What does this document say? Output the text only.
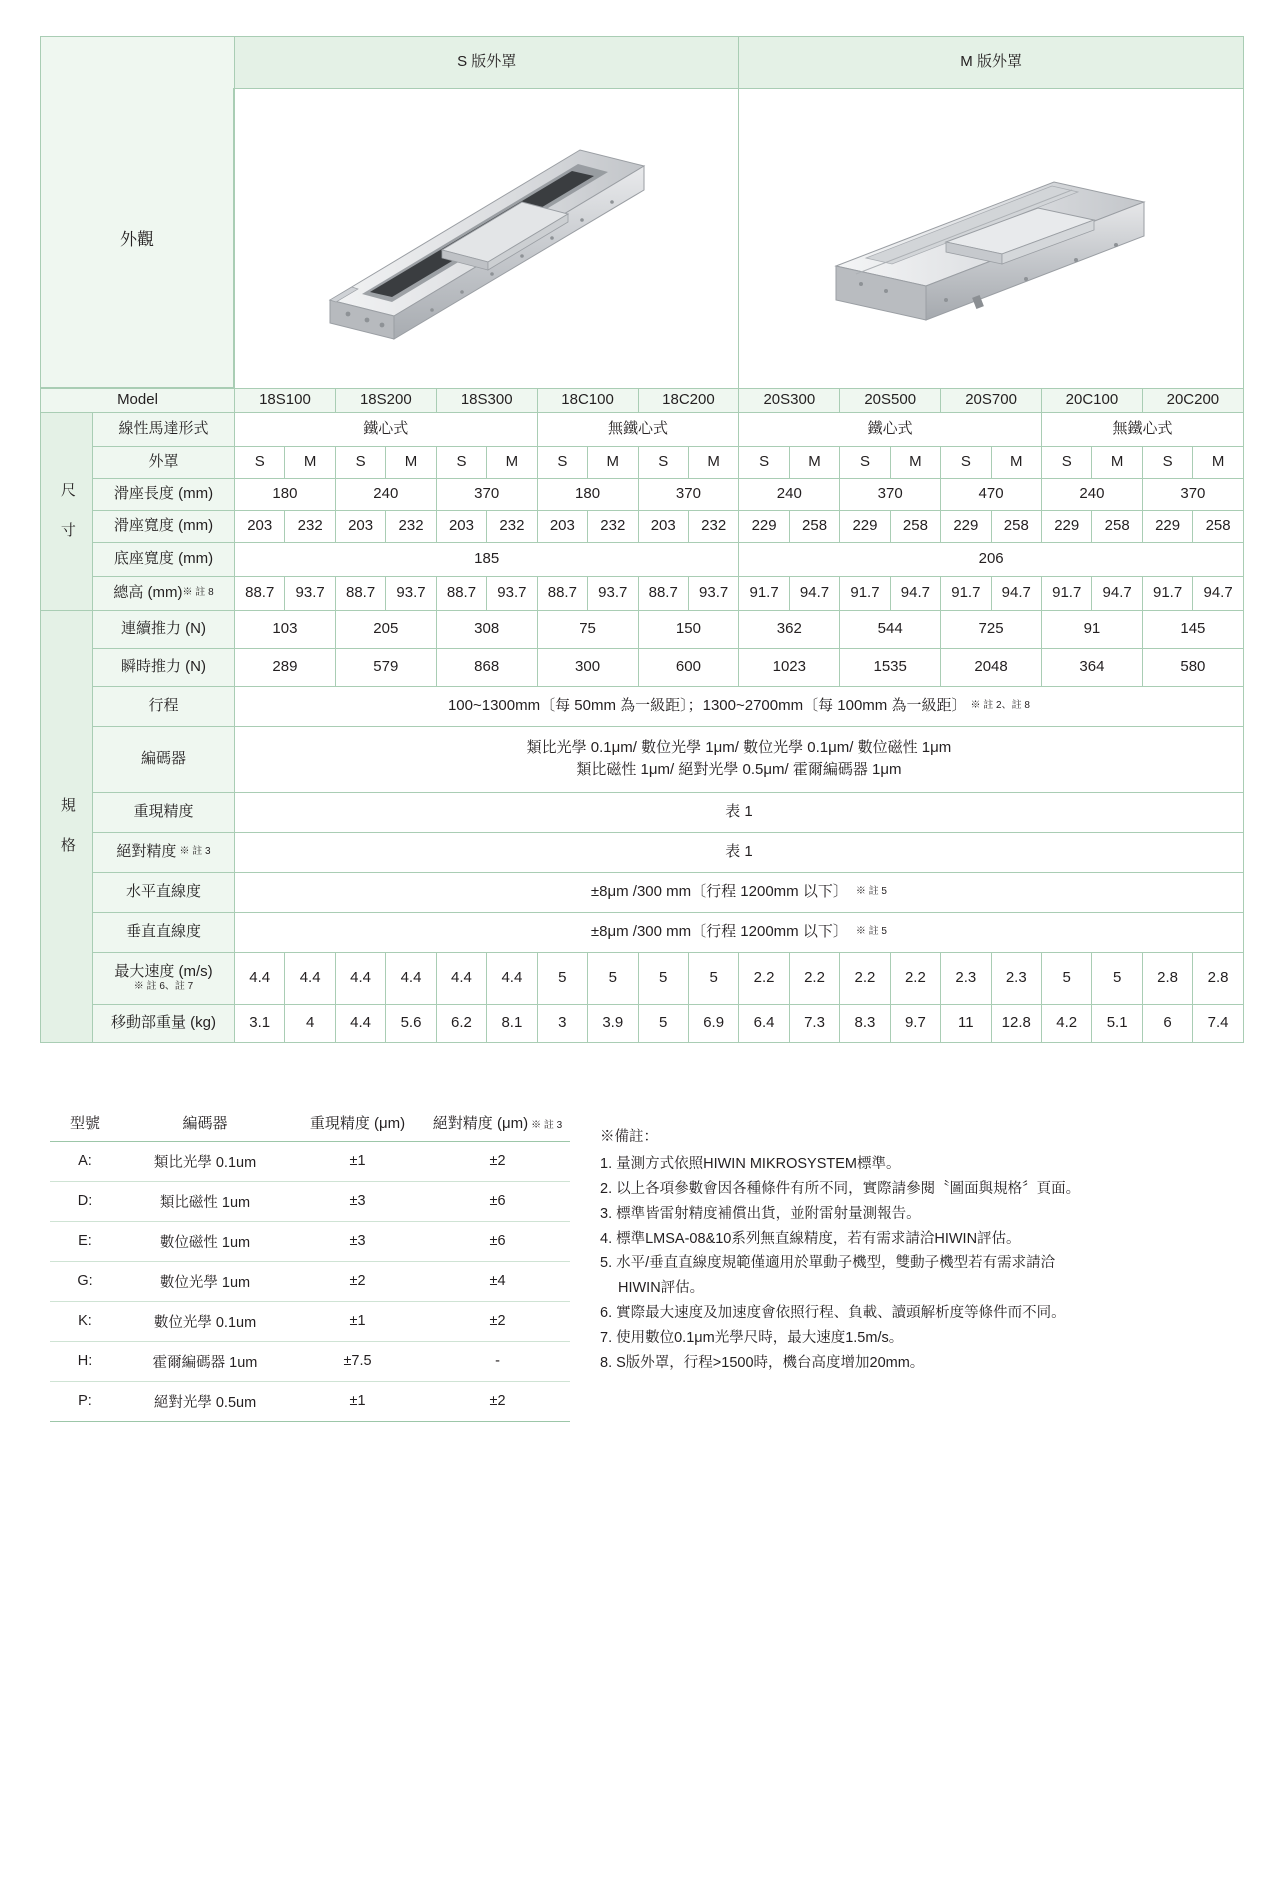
		S 版外罩										M 版外罩									

Model		18S100		18S200		18S300		18C100		18C200		20S300		20S500		20S700		20C100		20C200	

尺 寸	線性馬達形式	鐵心式						無鐵心式				鐵心式						無鐵心式			
	外罩	S	M	S	M	S	M	S	M	S	M	S	M	S	M	S	M	S	M	S	M
	滑座長度 (mm)	180		240		370		180		370		240		370		470		240		370	
	滑座寬度 (mm)	203	232	203	232	203	232	203	232	203	232	229	258	229	258	229	258	229	258	229	258
	底座寬度 (mm)	185										206									
	總高 (mm)※ 註 8	88.7	93.7	88.7	93.7	88.7	93.7	88.7	93.7	88.7	93.7	91.7	94.7	91.7	94.7	91.7	94.7	91.7	94.7	91.7	94.7

規 格	連續推力 (N)	103		205		308		75		150		362		544		725		91		145	
	瞬時推力 (N)	289		579		868		300		600		1023		1535		2048		364		580	
	行程	100~1300mm〔每 50mm 為一級距〕；1300~2700mm〔每 100mm 為一級距〕 ※ 註 2、註 8																			
	編碼器	類比光學 0.1μm/ 數位光學 1μm/ 數位光學 0.1μm/ 數位磁性 1μm
類比磁性 1μm/ 絕對光學 0.5μm/ 霍爾編碼器 1μm																			

	重現精度	表 1																			
	絕對精度 ※ 註 3	表 1																			
	水平直線度	±8μm /300 mm〔行程 1200mm 以下〕 ※ 註 5																			
	垂直直線度	±8μm /300 mm〔行程 1200mm 以下〕 ※ 註 5																			

	最大速度 (m/s)
※ 註 6、註 7	4.4	4.4	4.4	4.4	4.4	4.4	5	5	5	5	2.2	2.2	2.2	2.2	2.3	2.3	5	5	2.8	2.8
	移動部重量 (kg)	3.1	4	4.4	5.6	6.2	8.1	3	3.9	5	6.9	6.4	7.3	8.3	9.7	11	12.8	4.2	5.1	6	7.4
外觀
型號	編碼器	重現精度 (μm)	絕對精度 (μm) ※ 註 3
A:	類比光學 0.1um	±1	±2
D:	類比磁性 1um	±3	±6
E:	數位磁性 1um	±3	±6
G:	數位光學 1um	±2	±4
K:	數位光學 0.1um	±1	±2
H:	霍爾編碼器 1um	±7.5	-
P:	絕對光學 0.5um	±1	±2
※備註：
1. 量測方式依照HIWIN MIKROSYSTEM標準。
2. 以上各項參數會因各種條件有所不同，實際請參閱〝圖面與規格〞頁面。
3. 標準皆雷射精度補償出貨，並附雷射量測報告。
4. 標準LMSA-08&10系列無直線精度，若有需求請洽HIWIN評估。
5. 水平/垂直直線度規範僅適用於單動子機型，雙動子機型若有需求請洽
HIWIN評估。
6. 實際最大速度及加速度會依照行程、負載、讀頭解析度等條件而不同。
7. 使用數位0.1μm光學尺時，最大速度1.5m/s。
8. S版外罩，行程>1500時，機台高度增加20mm。
